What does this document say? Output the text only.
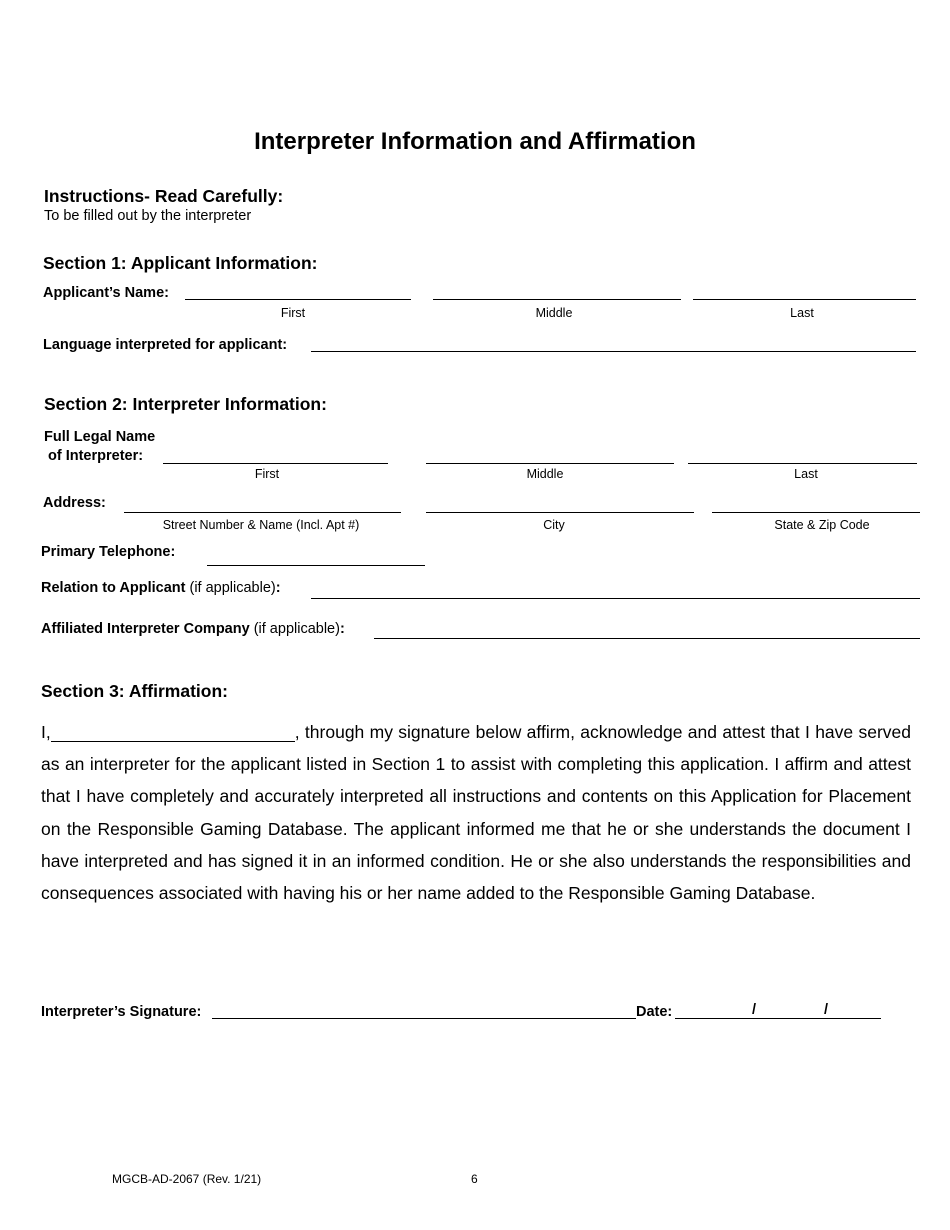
Interpreter Information and Affirmation
Instructions- Read Carefully:
To be filled out by the interpreter
Section 1: Applicant Information:
Applicant’s Name:
First	Middle	Last
Language interpreted for applicant:
Section 2: Interpreter Information:
Full Legal Name
of Interpreter:
First	Middle	Last
Address:
Street Number & Name (Incl. Apt #)	City	State & Zip Code
Primary Telephone:
Relation to Applicant (if applicable):
Affiliated Interpreter Company (if applicable):
Section 3: Affirmation:
I,	, through my signature below affirm, acknowledge and attest that I have served as an interpreter for the applicant listed in Section 1 to assist with completing this application. I affirm and attest that I have completely and accurately interpreted all instructions and contents on this Application for Placement on the Responsible Gaming Database. The applicant informed me that he or she understands the document I have interpreted and has signed it in an informed condition. He or she also understands the responsibilities and consequences associated with having his or her name added to the Responsible Gaming Database.
Interpreter’s Signature:	Date:	/	/
MGCB-AD-2067 (Rev. 1/21)	6
